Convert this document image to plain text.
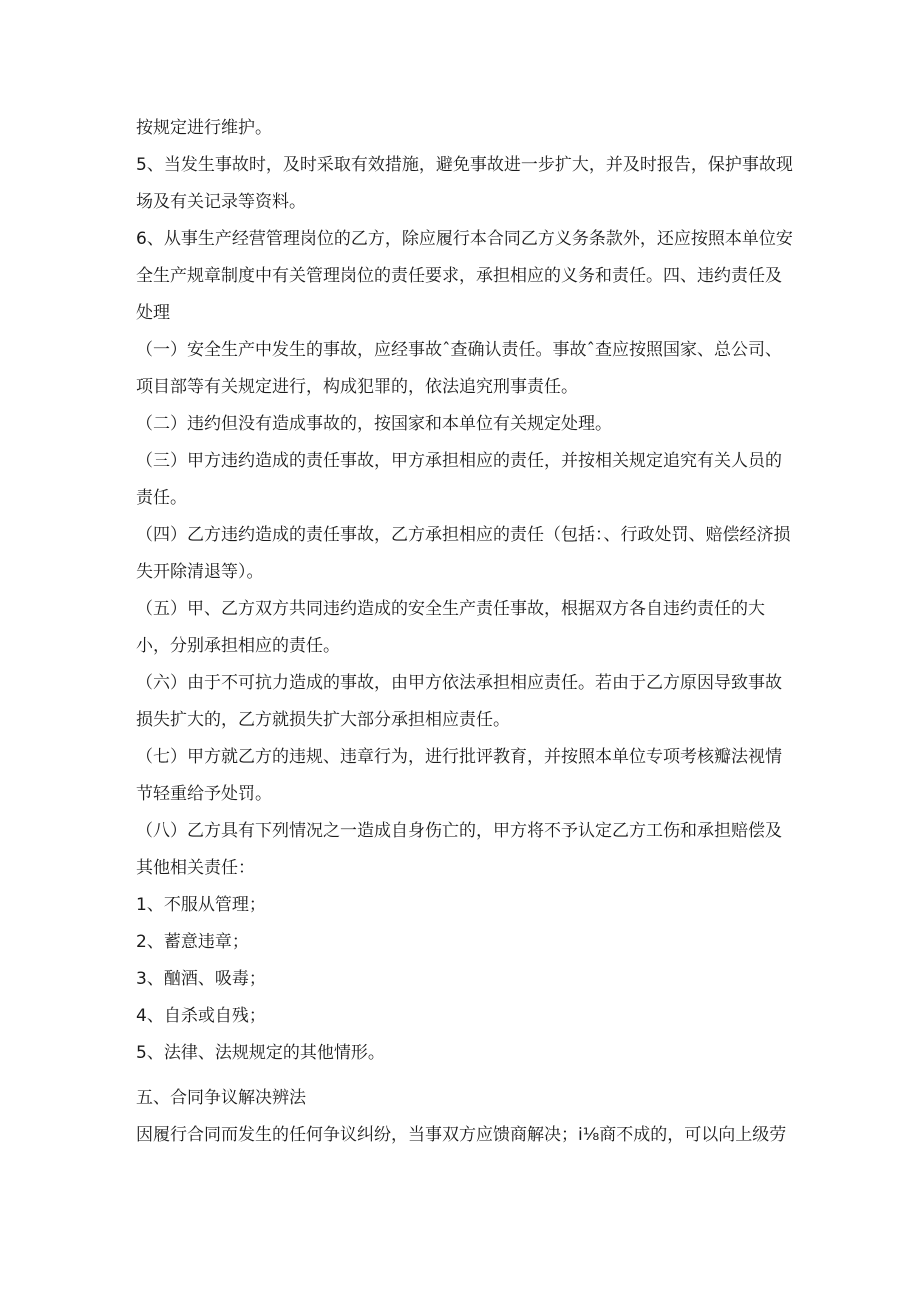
按规定进行维护。
5、当发生事故时，及时采取有效措施，避免事故进一步扩大，并及时报告，保护事故现场及有关记录等资料。
6、从事生产经营管理岗位的乙方，除应履行本合同乙方义务条款外，还应按照本单位安全生产规章制度中有关管理岗位的责任要求，承担相应的义务和责任。四、违约责任及处理
（一）安全生产中发生的事故，应经事故ˆ查确认责任。事故ˆ查应按照国家、总公司、项目部等有关规定进行，构成犯罪的，依法追究刑事责任。
（二）违约但没有造成事故的，按国家和本单位有关规定处理。
（三）甲方违约造成的责任事故，甲方承担相应的责任，并按相关规定追究有关人员的责任。
（四）乙方违约造成的责任事故，乙方承担相应的责任（包括：、行政处罚、赔偿经济损失开除清退等）。
（五）甲、乙方双方共同违约造成的安全生产责任事故，根据双方各自违约责任的大小，分别承担相应的责任。
（六）由于不可抗力造成的事故，由甲方依法承担相应责任。若由于乙方原因导致事故损失扩大的，乙方就损失扩大部分承担相应责任。
（七）甲方就乙方的违规、违章行为，进行批评教育，并按照本单位专项考核瓣法视情节轻重给予处罚。
（八）乙方具有下列情况之一造成自身伤亡的，甲方将不予认定乙方工伤和承担赔偿及其他相关责任：
1、不服从管理；
2、蓄意违章；
3、酗酒、吸毒；
4、自杀或自残；
5、法律、法规规定的其他情形。
五、合同争议解决辨法
因履行合同而发生的任何争议纠纷，当事双方应馈商解决；i⅛商不成的，可以向上级劳
